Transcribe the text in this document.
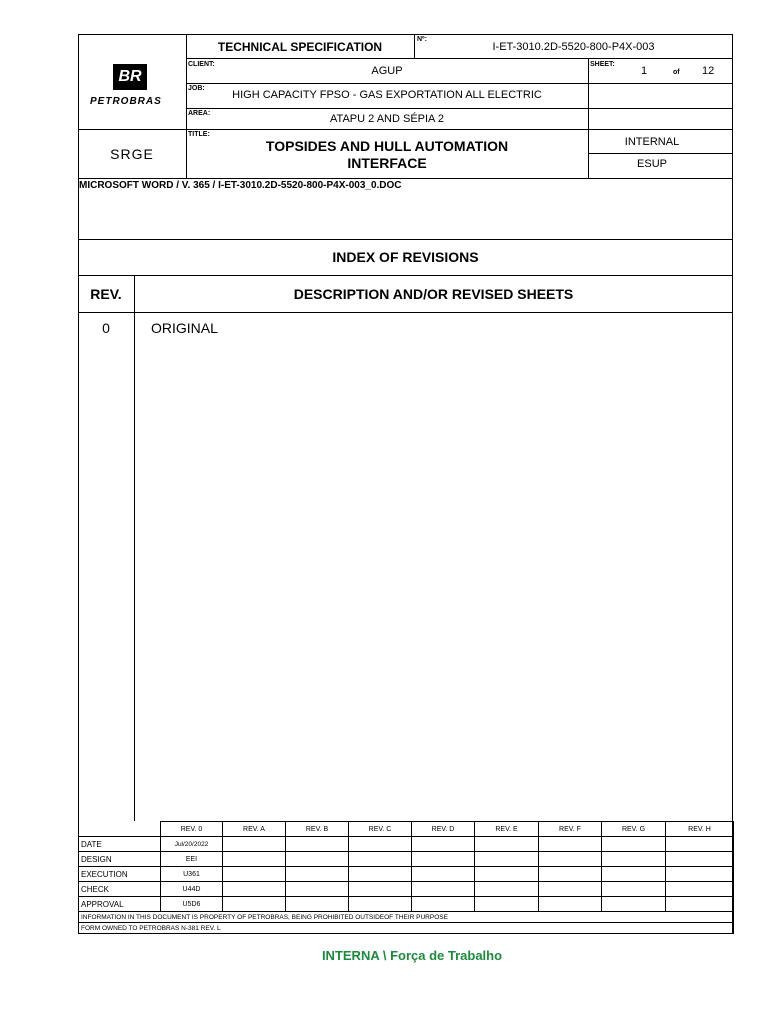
BR
PETROBRAS
SRGE
TECHNICAL SPECIFICATION
Nº:
I-ET-3010.2D-5520-800-P4X-003
CLIENT:
AGUP
SHEET:
1	of 12
JOB:
HIGH CAPACITY FPSO - GAS EXPORTATION ALL ELECTRIC
AREA:	ATAPU 2 AND SÉPIA 2
TITLE:
TOPSIDES AND HULL AUTOMATION
INTERFACE
INTERNAL
ESUP
MICROSOFT WORD / V. 365 / I-ET-3010.2D-5520-800-P4X-003_0.DOC
INDEX OF REVISIONS
REV.	DESCRIPTION AND/OR REVISED SHEETS
0	ORIGINAL
	REV. 0	REV. A	REV. B	REV. C	REV. D	REV. E	REV. F	REV. G	REV. H
DATE	Jul/20/2022								
DESIGN	EEI								
EXECUTION	U361								
CHECK	U44D								
APPROVAL	U5D6								
INFORMATION IN THIS DOCUMENT IS PROPERTY OF PETROBRAS, BEING PROHIBITED OUTSIDEOF THEIR PURPOSE									
FORM OWNED TO PETROBRAS N-381 REV. L									
INTERNA \ Força de Trabalho
